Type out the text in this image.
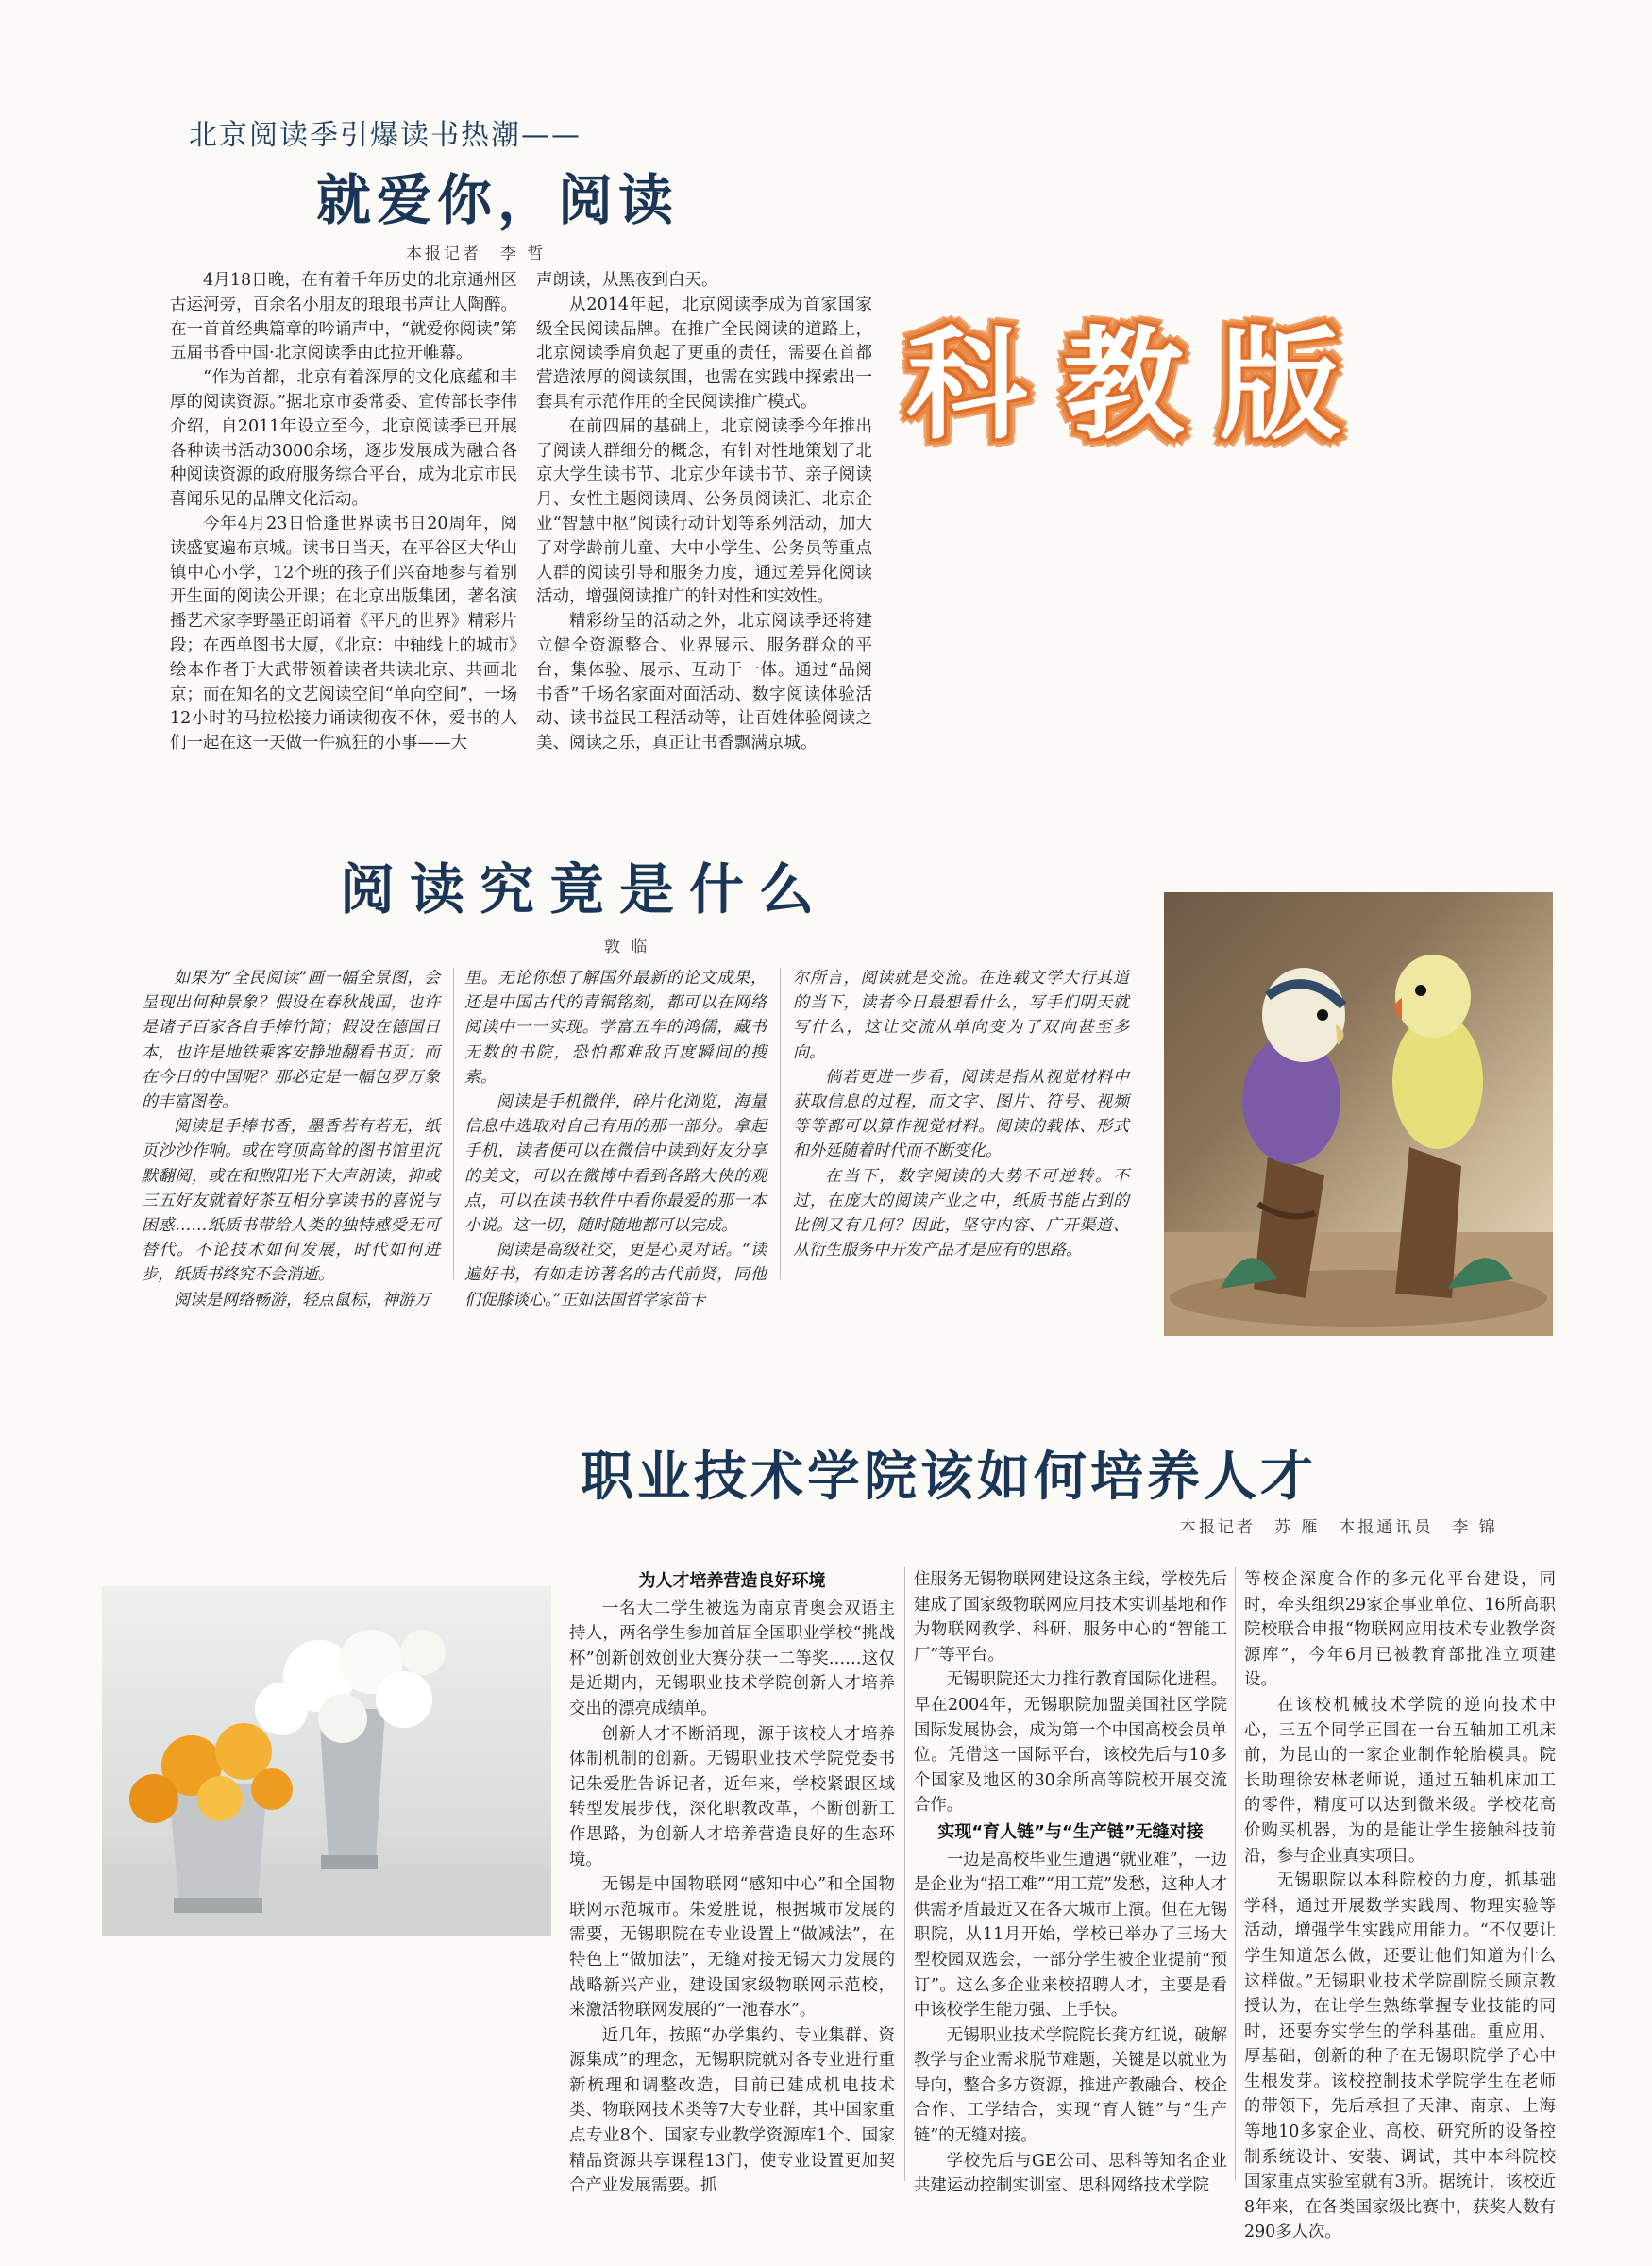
北京阅读季引爆读书热潮——
就爱你，阅读
本报记者　李 哲

4月18日晚，在有着千年历史的北京通州区古运河旁，百余名小朋友的琅琅书声让人陶醉。在一首首经典篇章的吟诵声中，“就爱你阅读”第五届书香中国·北京阅读季由此拉开帷幕。

“作为首都，北京有着深厚的文化底蕴和丰厚的阅读资源。”据北京市委常委、宣传部长李伟介绍，自2011年设立至今，北京阅读季已开展各种读书活动3000余场，逐步发展成为融合各种阅读资源的政府服务综合平台，成为北京市民喜闻乐见的品牌文化活动。

今年4月23日恰逢世界读书日20周年，阅读盛宴遍布京城。读书日当天，在平谷区大华山镇中心小学，12个班的孩子们兴奋地参与着别开生面的阅读公开课；在北京出版集团，著名演播艺术家李野墨正朗诵着《平凡的世界》精彩片段；在西单图书大厦，《北京：中轴线上的城市》绘本作者于大武带领着读者共读北京、共画北京；而在知名的文艺阅读空间“单向空间”，一场12小时的马拉松接力诵读彻夜不休，爱书的人们一起在这一天做一件疯狂的小事——大

声朗读，从黑夜到白天。

从2014年起，北京阅读季成为首家国家级全民阅读品牌。在推广全民阅读的道路上，北京阅读季肩负起了更重的责任，需要在首都营造浓厚的阅读氛围，也需在实践中探索出一套具有示范作用的全民阅读推广模式。

在前四届的基础上，北京阅读季今年推出了阅读人群细分的概念，有针对性地策划了北京大学生读书节、北京少年读书节、亲子阅读月、女性主题阅读周、公务员阅读汇、北京企业“智慧中枢”阅读行动计划等系列活动，加大了对学龄前儿童、大中小学生、公务员等重点人群的阅读引导和服务力度，通过差异化阅读活动，增强阅读推广的针对性和实效性。

精彩纷呈的活动之外，北京阅读季还将建立健全资源整合、业界展示、服务群众的平台，集体验、展示、互动于一体。通过“品阅书香”千场名家面对面活动、数字阅读体验活动、读书益民工程活动等，让百姓体验阅读之美、阅读之乐，真正让书香飘满京城。

科教版
阅读究竟是什么
敦 临

如果为“全民阅读”画一幅全景图，会呈现出何种景象？假设在春秋战国，也许是诸子百家各自手捧竹简；假设在德国日本，也许是地铁乘客安静地翻看书页；而在今日的中国呢？那必定是一幅包罗万象的丰富图卷。

阅读是手捧书香，墨香若有若无，纸页沙沙作响。或在穹顶高耸的图书馆里沉默翻阅，或在和煦阳光下大声朗读，抑或三五好友就着好茶互相分享读书的喜悦与困惑……纸质书带给人类的独特感受无可替代。不论技术如何发展，时代如何进步，纸质书终究不会消逝。

阅读是网络畅游，轻点鼠标，神游万

里。无论你想了解国外最新的论文成果，还是中国古代的青铜铭刻，都可以在网络阅读中一一实现。学富五车的鸿儒，藏书无数的书院，恐怕都难敌百度瞬间的搜索。

阅读是手机微伴，碎片化浏览，海量信息中选取对自己有用的那一部分。拿起手机，读者便可以在微信中读到好友分享的美文，可以在微博中看到各路大侠的观点，可以在读书软件中看你最爱的那一本小说。这一切，随时随地都可以完成。

阅读是高级社交，更是心灵对话。“读遍好书，有如走访著名的古代前贤，同他们促膝谈心。”正如法国哲学家笛卡

尔所言，阅读就是交流。在连载文学大行其道的当下，读者今日最想看什么，写手们明天就写什么，这让交流从单向变为了双向甚至多向。

倘若更进一步看，阅读是指从视觉材料中获取信息的过程，而文字、图片、符号、视频等等都可以算作视觉材料。阅读的载体、形式和外延随着时代而不断变化。

在当下，数字阅读的大势不可逆转。不过，在庞大的阅读产业之中，纸质书能占到的比例又有几何？因此，坚守内容、广开渠道、从衍生服务中开发产品才是应有的思路。

职业技术学院该如何培养人才
本报记者　苏 雁　本报通讯员　李 锦

为人才培养营造良好环境

一名大二学生被选为南京青奥会双语主持人，两名学生参加首届全国职业学校“挑战杯”创新创效创业大赛分获一二等奖……这仅是近期内，无锡职业技术学院创新人才培养交出的漂亮成绩单。

创新人才不断涌现，源于该校人才培养体制机制的创新。无锡职业技术学院党委书记朱爱胜告诉记者，近年来，学校紧跟区域转型发展步伐，深化职教改革，不断创新工作思路，为创新人才培养营造良好的生态环境。

无锡是中国物联网“感知中心”和全国物联网示范城市。朱爱胜说，根据城市发展的需要，无锡职院在专业设置上“做减法”，在特色上“做加法”，无缝对接无锡大力发展的战略新兴产业，建设国家级物联网示范校，来激活物联网发展的“一池春水”。

近几年，按照“办学集约、专业集群、资源集成”的理念，无锡职院就对各专业进行重新梳理和调整改造，目前已建成机电技术类、物联网技术类等7大专业群，其中国家重点专业8个、国家专业教学资源库1个、国家精品资源共享课程13门，使专业设置更加契合产业发展需要。抓

住服务无锡物联网建设这条主线，学校先后建成了国家级物联网应用技术实训基地和作为物联网教学、科研、服务中心的“智能工厂”等平台。

无锡职院还大力推行教育国际化进程。早在2004年，无锡职院加盟美国社区学院国际发展协会，成为第一个中国高校会员单位。凭借这一国际平台，该校先后与10多个国家及地区的30余所高等院校开展交流合作。

实现“育人链”与“生产链”无缝对接

一边是高校毕业生遭遇“就业难”，一边是企业为“招工难”“用工荒”发愁，这种人才供需矛盾最近又在各大城市上演。但在无锡职院，从11月开始，学校已举办了三场大型校园双选会，一部分学生被企业提前“预订”。这么多企业来校招聘人才，主要是看中该校学生能力强、上手快。

无锡职业技术学院院长龚方红说，破解教学与企业需求脱节难题，关键是以就业为导向，整合多方资源，推进产教融合、校企合作、工学结合，实现“育人链”与“生产链”的无缝对接。

学校先后与GE公司、思科等知名企业共建运动控制实训室、思科网络技术学院

等校企深度合作的多元化平台建设，同时，牵头组织29家企事业单位、16所高职院校联合申报“物联网应用技术专业教学资源库”，今年6月已被教育部批准立项建设。

在该校机械技术学院的逆向技术中心，三五个同学正围在一台五轴加工机床前，为昆山的一家企业制作轮胎模具。院长助理徐安林老师说，通过五轴机床加工的零件，精度可以达到微米级。学校花高价购买机器，为的是能让学生接触科技前沿，参与企业真实项目。

无锡职院以本科院校的力度，抓基础学科，通过开展数学实践周、物理实验等活动，增强学生实践应用能力。“不仅要让学生知道怎么做，还要让他们知道为什么这样做。”无锡职业技术学院副院长顾京教授认为，在让学生熟练掌握专业技能的同时，还要夯实学生的学科基础。重应用、厚基础，创新的种子在无锡职院学子心中生根发芽。该校控制技术学院学生在老师的带领下，先后承担了天津、南京、上海等地10多家企业、高校、研究所的设备控制系统设计、安装、调试，其中本科院校国家重点实验室就有3所。据统计，该校近8年来，在各类国家级比赛中，获奖人数有290多人次。
